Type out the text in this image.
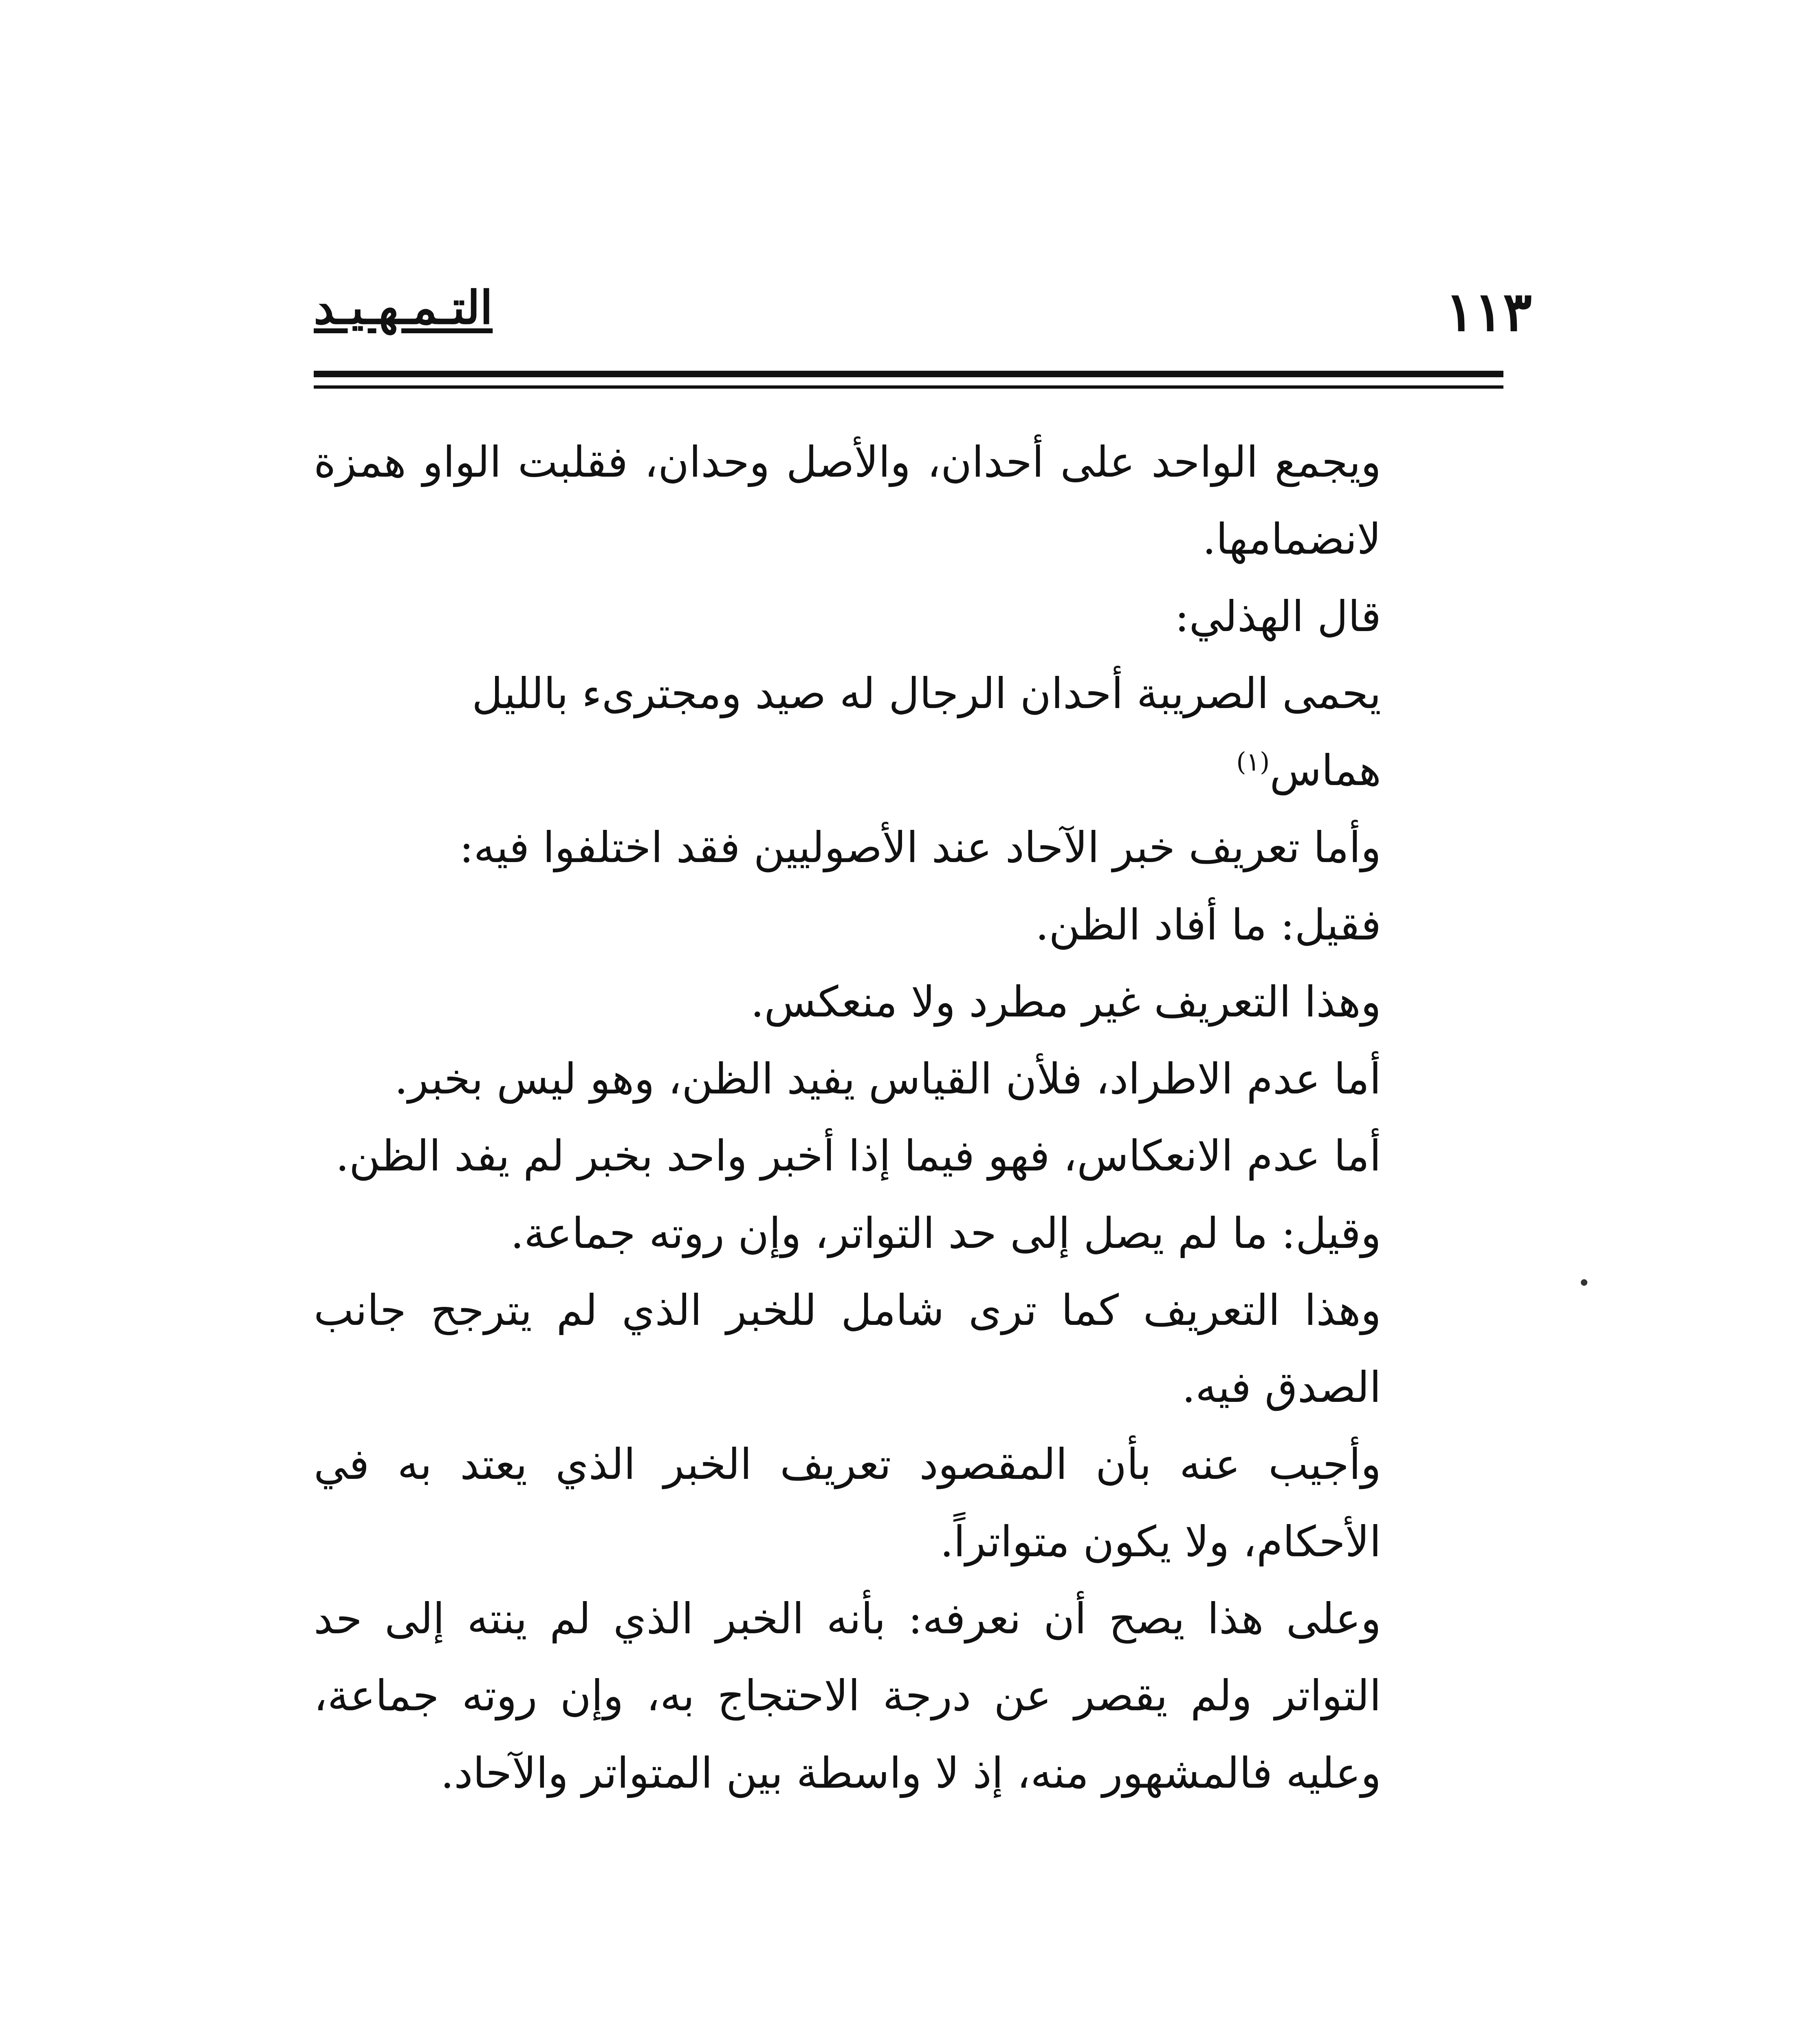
١١٣
التـمـهـيـد

ويجمع الواحد على أحدان، والأصل وحدان، فقلبت الواو همزة لانضمامها.

قال الهذلي:

يحمى الصريبة أحدان الرجال له صيد ومجترىء بالليل هماس$^{(١)}$

وأما تعريف خبر الآحاد عند الأصوليين فقد اختلفوا فيه:

فقيل: ما أفاد الظن.

وهذا التعريف غير مطرد ولا منعكس.

أما عدم الاطراد، فلأن القياس يفيد الظن، وهو ليس بخبر.

أما عدم الانعكاس، فهو فيما إذا أخبر واحد بخبر لم يفد الظن.

وقيل: ما لم يصل إلى حد التواتر، وإن روته جماعة.

وهذا التعريف كما ترى شامل للخبر الذي لم يترجح جانب الصدق فيه.

وأجيب عنه بأن المقصود تعريف الخبر الذي يعتد به في الأحكام، ولا يكون متواتراً.

وعلى هذا يصح أن نعرفه: بأنه الخبر الذي لم ينته إلى حد التواتر ولم يقصر عن درجة الاحتجاج به، وإن روته جماعة، وعليه فالمشهور منه، إذ لا واسطة بين المتواتر والآحاد.
